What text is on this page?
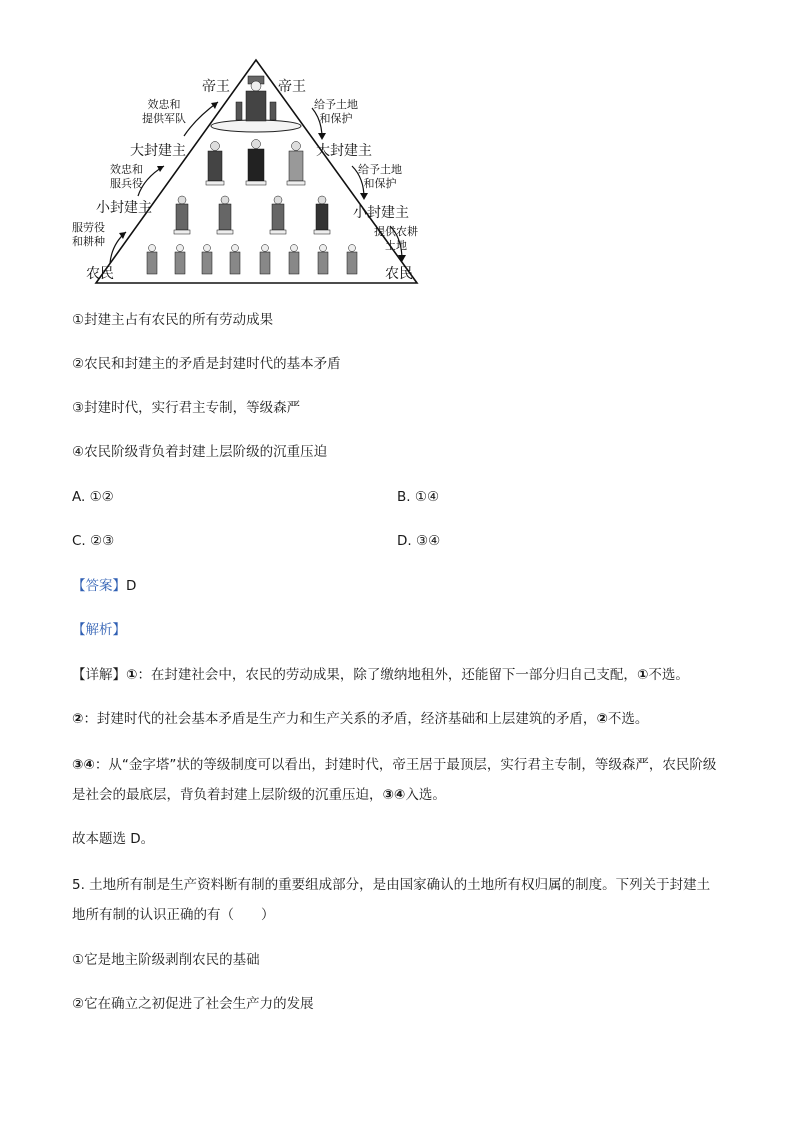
帝王	帝王
大封建主
小封建主
农民
大封建主
小封建主
农民
效忠和
提供军队
效忠和
服兵役
服劳役
和耕种
给予土地
和保护
给予土地
和保护
提供农耕
土地
①封建主占有农民的所有劳动成果
②农民和封建主的矛盾是封建时代的基本矛盾
③封建时代，实行君主专制，等级森严
④农民阶级背负着封建上层阶级的沉重压迫
A. ①②	B. ①④
C. ②③	D. ③④
【答案】D
【解析】
【详解】①：在封建社会中，农民的劳动成果，除了缴纳地租外，还能留下一部分归自己支配，①不选。
②：封建时代的社会基本矛盾是生产力和生产关系的矛盾，经济基础和上层建筑的矛盾，②不选。
③④：从“金字塔”状的等级制度可以看出，封建时代，帝王居于最顶层，实行君主专制，等级森严，农民阶级是社会的最底层，背负着封建上层阶级的沉重压迫，③④入选。
故本题选 D。
5. 土地所有制是生产资料断有制的重要组成部分，是由国家确认的土地所有权归属的制度。下列关于封建土地所有制的认识正确的有（　　）
①它是地主阶级剥削农民的基础
②它在确立之初促进了社会生产力的发展
